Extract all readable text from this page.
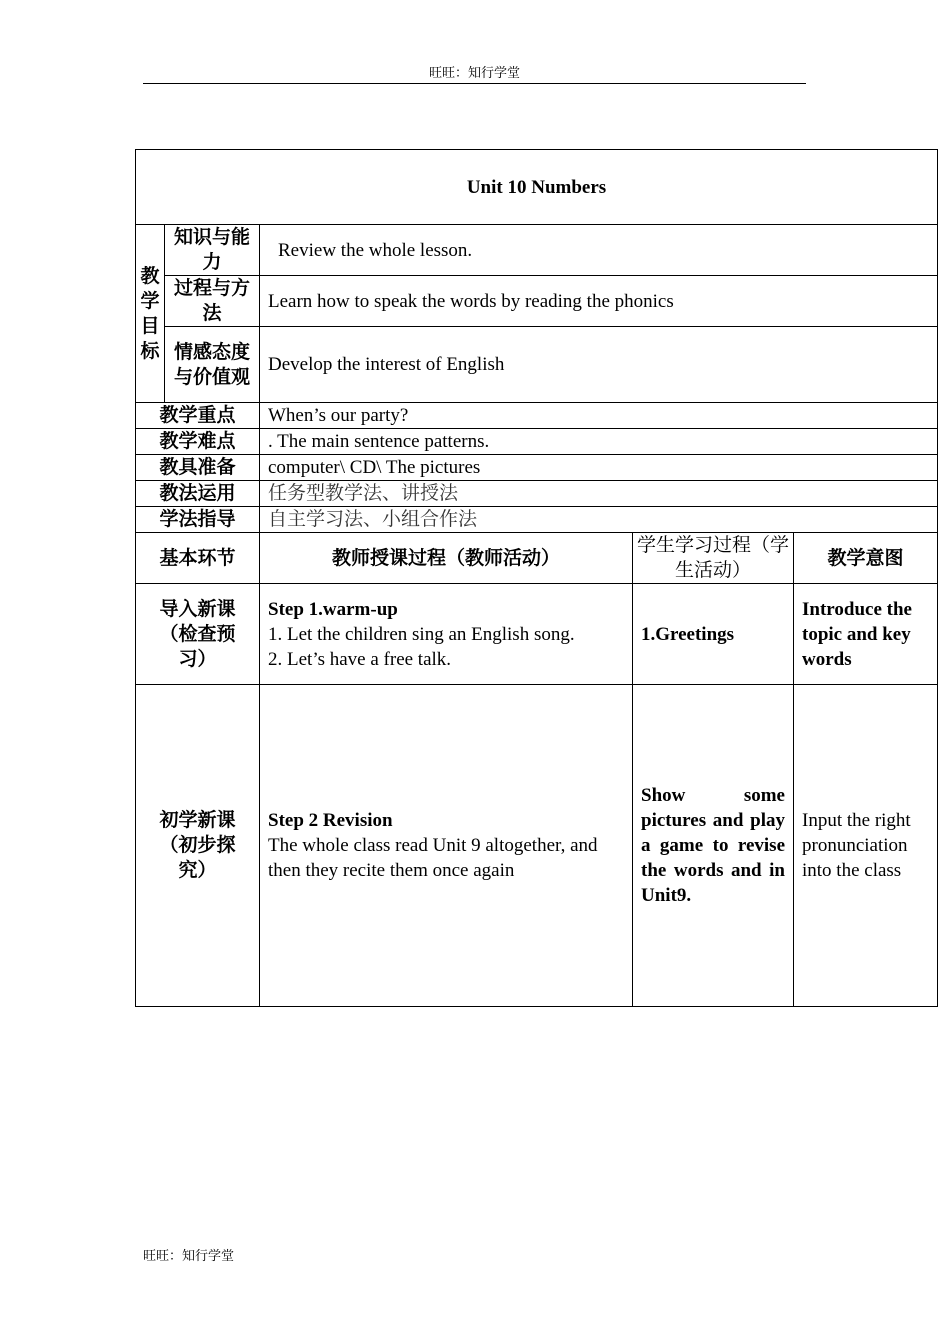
旺旺：知行学堂
Unit 10 Numbers				
教学目标	知识与能力	Review the whole lesson.		
	过程与方法	Learn how to speak the words by reading the phonics		
	情感态度与价值观	Develop the interest of English		
教学重点		When’s our party?		
教学难点		. The main sentence patterns.		
教具准备		computer\ CD\ The pictures		
教法运用		任务型教学法、讲授法		
学法指导		自主学习法、小组合作法		
基本环节		教师授课过程（教师活动）	学生学习过程（学生活动）	教学意图
导入新课（检查预习）		Step 1.warm-up
1. Let the children sing an English song.
2. Let’s have a free talk.	1.Greetings	Introduce the topic and key words
初学新课（初步探究）		Step 2 Revision
The whole class read Unit 9 altogether, and then they recite them once again	Show some pictures and play a game to revise the words and in Unit9.	Input the right pronunciation into the class
旺旺：知行学堂
